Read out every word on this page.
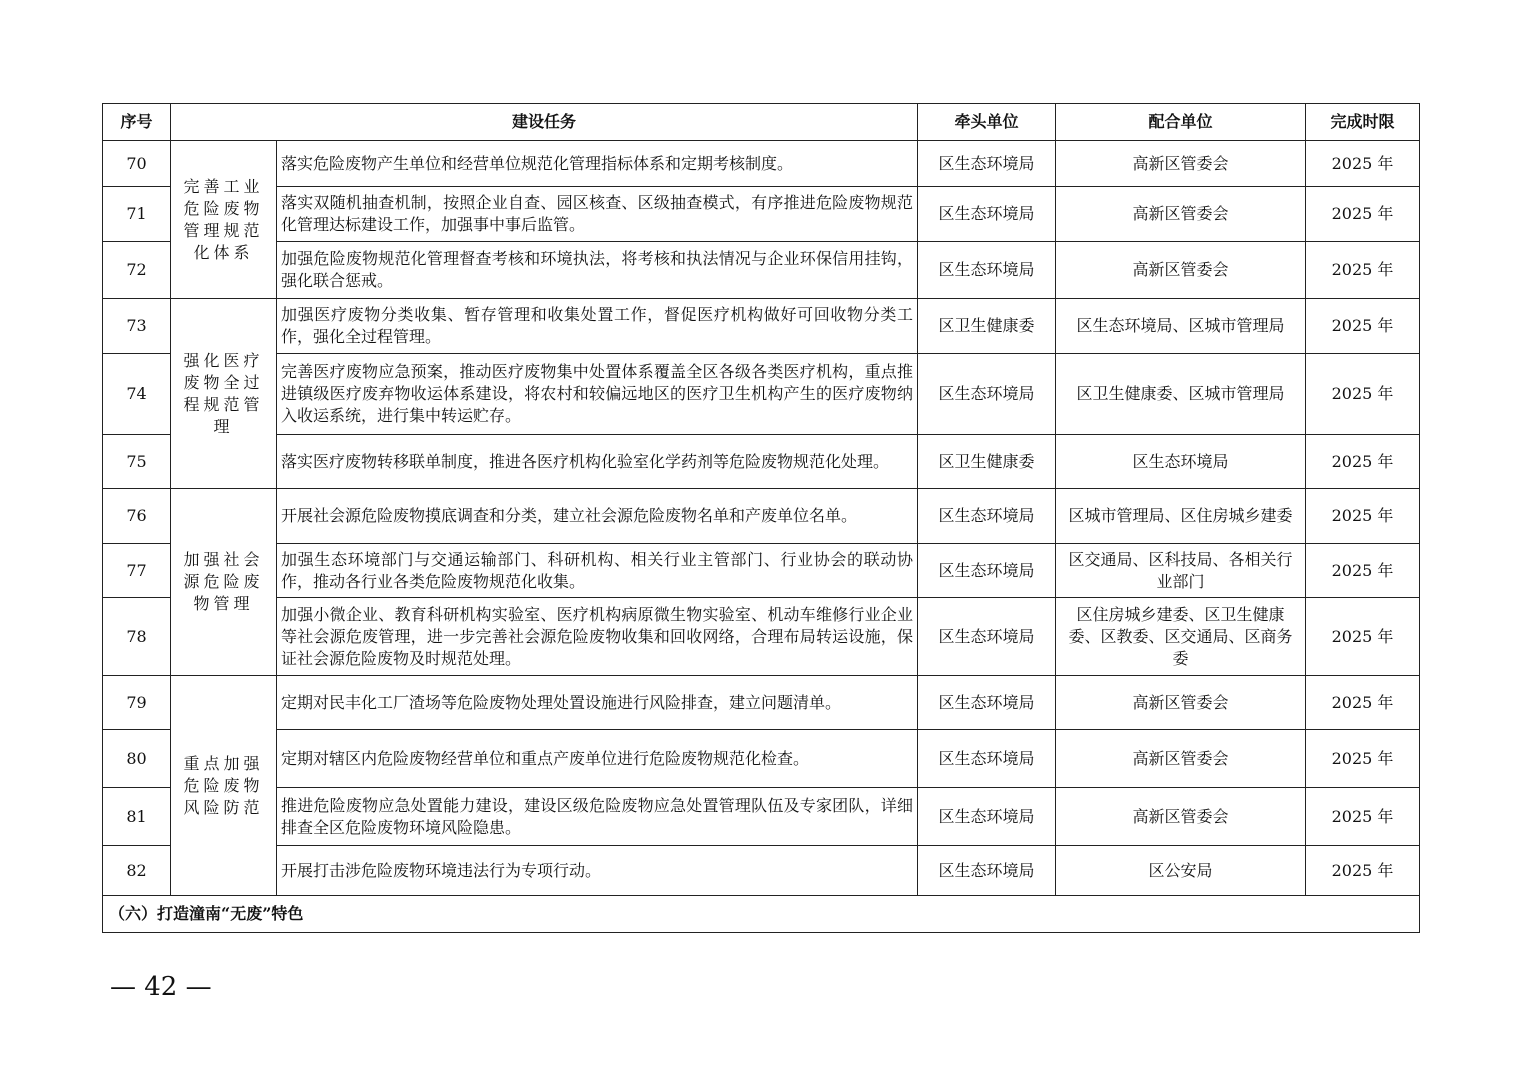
序号	建设任务		牵头单位	配合单位	完成时限
70	完善工业危险废物管理规范化体系	落实危险废物产生单位和经营单位规范化管理指标体系和定期考核制度。	区生态环境局	高新区管委会	2025 年
71		落实双随机抽查机制，按照企业自查、园区核查、区级抽查模式，有序推进危险废物规范化管理达标建设工作，加强事中事后监管。	区生态环境局	高新区管委会	2025 年
72		加强危险废物规范化管理督查考核和环境执法，将考核和执法情况与企业环保信用挂钩，强化联合惩戒。	区生态环境局	高新区管委会	2025 年
73	强化医疗废物全过程规范管理	加强医疗废物分类收集、暂存管理和收集处置工作，督促医疗机构做好可回收物分类工作，强化全过程管理。	区卫生健康委	区生态环境局、区城市管理局	2025 年
74		完善医疗废物应急预案，推动医疗废物集中处置体系覆盖全区各级各类医疗机构，重点推进镇级医疗废弃物收运体系建设，将农村和较偏远地区的医疗卫生机构产生的医疗废物纳入收运系统，进行集中转运贮存。	区生态环境局	区卫生健康委、区城市管理局	2025 年
75		落实医疗废物转移联单制度，推进各医疗机构化验室化学药剂等危险废物规范化处理。	区卫生健康委	区生态环境局	2025 年
76	加强社会源危险废物管理	开展社会源危险废物摸底调查和分类，建立社会源危险废物名单和产废单位名单。	区生态环境局	区城市管理局、区住房城乡建委	2025 年
77		加强生态环境部门与交通运输部门、科研机构、相关行业主管部门、行业协会的联动协作，推动各行业各类危险废物规范化收集。	区生态环境局	区交通局、区科技局、各相关行业部门	2025 年
78		加强小微企业、教育科研机构实验室、医疗机构病原微生物实验室、机动车维修行业企业等社会源危废管理，进一步完善社会源危险废物收集和回收网络，合理布局转运设施，保证社会源危险废物及时规范处理。	区生态环境局	区住房城乡建委、区卫生健康委、区教委、区交通局、区商务委	2025 年
79	重点加强危险废物风险防范	定期对民丰化工厂渣场等危险废物处理处置设施进行风险排查，建立问题清单。	区生态环境局	高新区管委会	2025 年
80		定期对辖区内危险废物经营单位和重点产废单位进行危险废物规范化检查。	区生态环境局	高新区管委会	2025 年
81		推进危险废物应急处置能力建设，建设区级危险废物应急处置管理队伍及专家团队，详细排查全区危险废物环境风险隐患。	区生态环境局	高新区管委会	2025 年
82		开展打击涉危险废物环境违法行为专项行动。	区生态环境局	区公安局	2025 年
（六）打造潼南“无废”特色					
— 42 —
